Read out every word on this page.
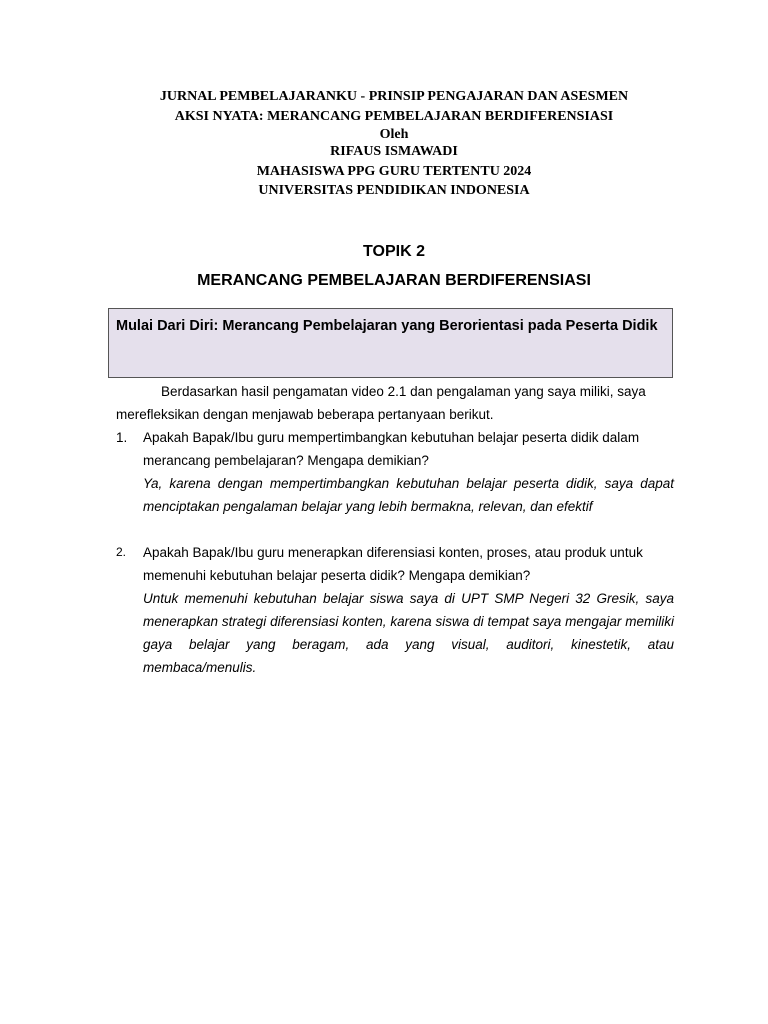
JURNAL PEMBELAJARANKU - PRINSIP PENGAJARAN DAN ASESMEN
AKSI NYATA: MERANCANG PEMBELAJARAN BERDIFERENSIASI
Oleh
RIFAUS ISMAWADI
MAHASISWA PPG GURU TERTENTU 2024
UNIVERSITAS PENDIDIKAN INDONESIA
TOPIK 2
MERANCANG PEMBELAJARAN BERDIFERENSIASI
Mulai Dari Diri: Merancang Pembelajaran yang Berorientasi pada Peserta Didik

Berdasarkan hasil pengamatan video 2.1 dan pengalaman yang saya miliki, saya merefleksikan dengan menjawab beberapa pertanyaan berikut.

1.	Apakah Bapak/Ibu guru mempertimbangkan kebutuhan belajar peserta didik dalam merancang pembelajaran? Mengapa demikian?

Ya, karena dengan mempertimbangkan kebutuhan belajar peserta didik, saya dapat menciptakan pengalaman belajar yang lebih bermakna, relevan, dan efektif

2.	Apakah Bapak/Ibu guru menerapkan diferensiasi konten, proses, atau produk untuk memenuhi kebutuhan belajar peserta didik? Mengapa demikian?

Untuk memenuhi kebutuhan belajar siswa saya di UPT SMP Negeri 32 Gresik, saya menerapkan strategi diferensiasi konten, karena siswa di tempat saya mengajar memiliki gaya belajar yang beragam, ada yang visual, auditori, kinestetik, atau membaca/menulis.
